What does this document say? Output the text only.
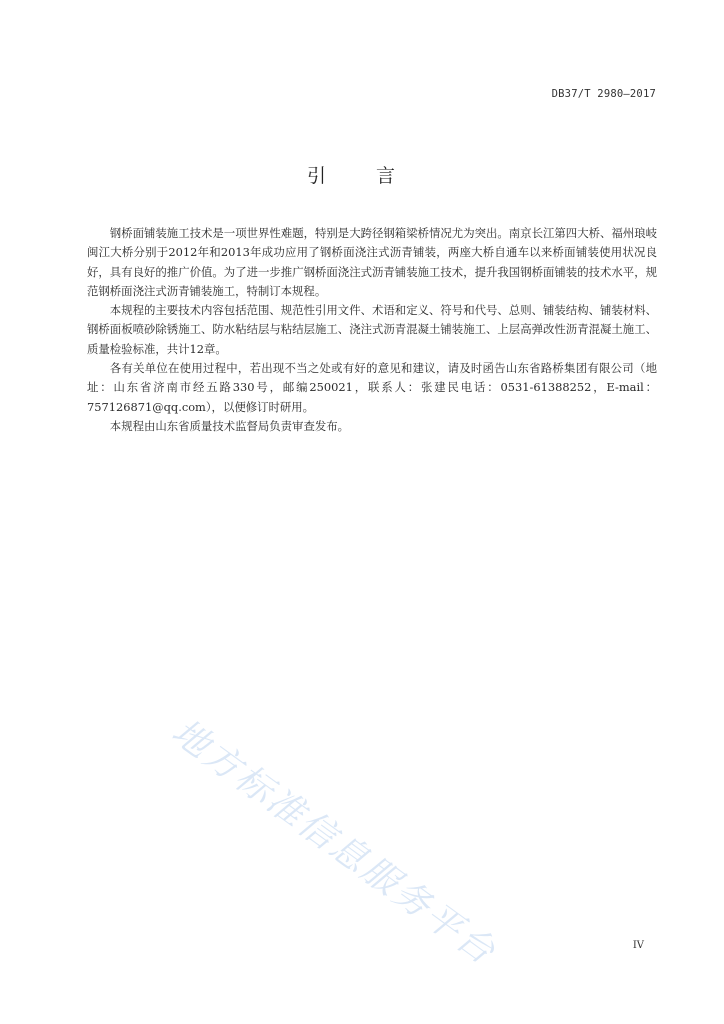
DB37/T 2980—2017
引 言

钢桥面铺装施工技术是一项世界性难题，特别是大跨径钢箱梁桥情况尤为突出。南京长江第四大桥、福州琅岐闽江大桥分别于2012年和2013年成功应用了钢桥面浇注式沥青铺装，两座大桥自通车以来桥面铺装使用状况良好，具有良好的推广价值。为了进一步推广钢桥面浇注式沥青铺装施工技术，提升我国钢桥面铺装的技术水平，规范钢桥面浇注式沥青铺装施工，特制订本规程。

本规程的主要技术内容包括范围、规范性引用文件、术语和定义、符号和代号、总则、铺装结构、铺装材料、钢桥面板喷砂除锈施工、防水粘结层与粘结层施工、浇注式沥青混凝土铺装施工、上层高弹改性沥青混凝土施工、质量检验标准，共计12章。

各有关单位在使用过程中，若出现不当之处或有好的意见和建议，请及时函告山东省路桥集团有限公司（地址：山东省济南市经五路330号，邮编250021，联系人：张建民电话：0531-61388252，E-mail：757126871@qq.com），以便修订时研用。

本规程由山东省质量技术监督局负责审查发布。

地方标准信息服务平台	IV
